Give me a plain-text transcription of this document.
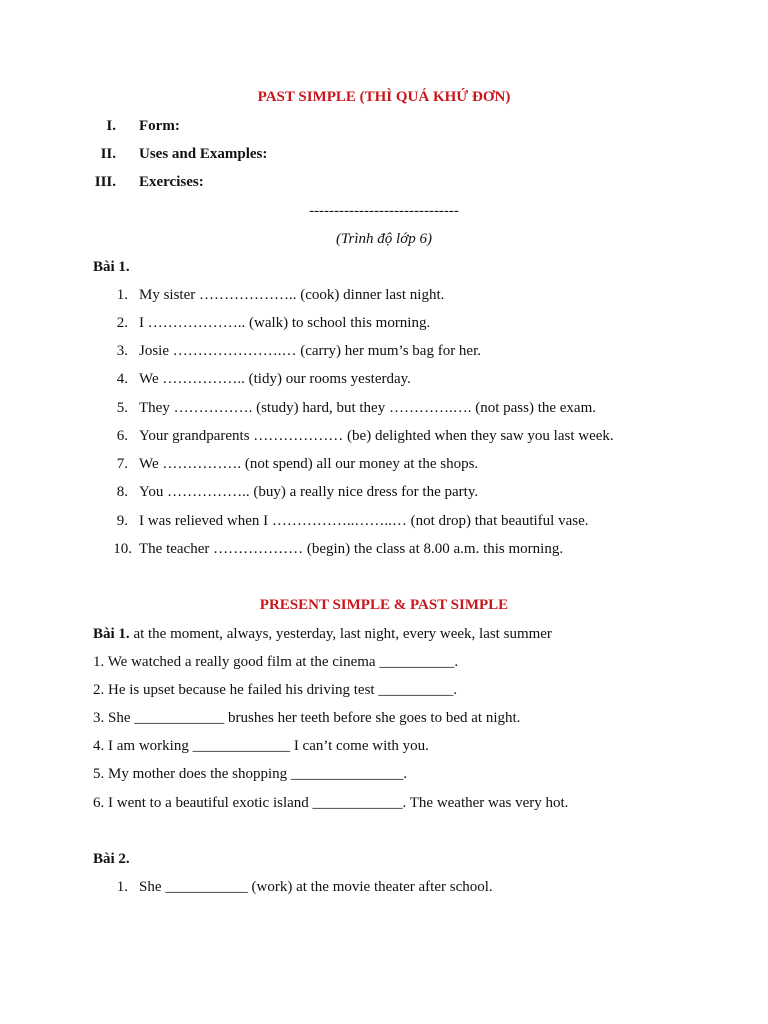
PAST SIMPLE (THÌ QUÁ KHỨ ĐƠN)
I. Form:
II. Uses and Examples:
III. Exercises:
------------------------------
(Trình độ lớp 6)
Bài 1.
1. My sister ……………….. (cook) dinner last night.
2. I ……………….. (walk) to school this morning.
3. Josie ………………….… (carry) her mum’s bag for her.
4. We …………….. (tidy) our rooms yesterday.
5. They ……………. (study) hard, but they ………….…. (not pass) the exam.
6. Your grandparents ……………… (be) delighted when they saw you last week.
7. We ……………. (not spend) all our money at the shops.
8. You …………….. (buy) a really nice dress for the party.
9. I was relieved when I ……………..……..… (not drop) that beautiful vase.
10. The teacher ……………… (begin) the class at 8.00 a.m. this morning.
PRESENT SIMPLE & PAST SIMPLE
Bài 1. at the moment, always, yesterday, last night, every week, last summer
1. We watched a really good film at the cinema __________.
2. He is upset because he failed his driving test __________.
3. She ____________ brushes her teeth before she goes to bed at night.
4. I am working _____________ I can’t come with you.
5. My mother does the shopping _______________.
6. I went to a beautiful exotic island ____________. The weather was very hot.
Bài 2.
1. She ___________ (work) at the movie theater after school.
